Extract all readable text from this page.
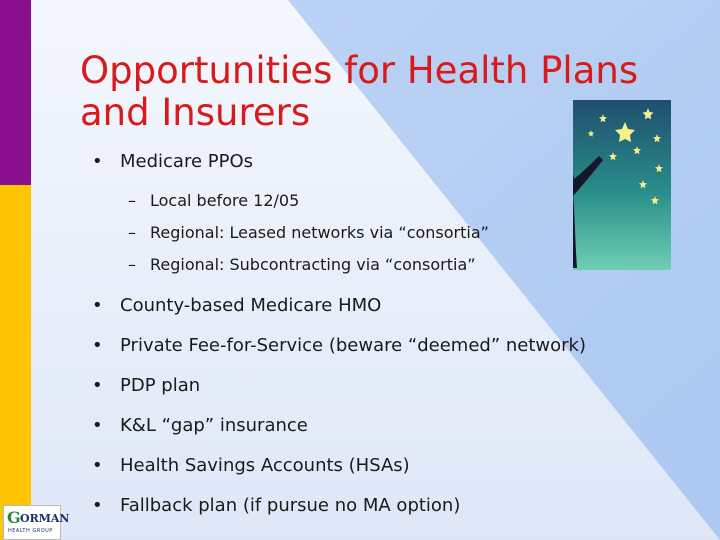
Opportunities for Health Plans
and Insurers
• Medicare PPOs
– Local before 12/05
– Regional: Leased networks via “consortia”
– Regional: Subcontracting via “consortia”
• County-based Medicare HMO
• Private Fee-for-Service (beware “deemed” network)
• PDP plan
• K&L “gap” insurance
• Health Savings Accounts (HSAs)
• Fallback plan (if pursue no MA option)
G ORMAN
HEALTH GROUP
